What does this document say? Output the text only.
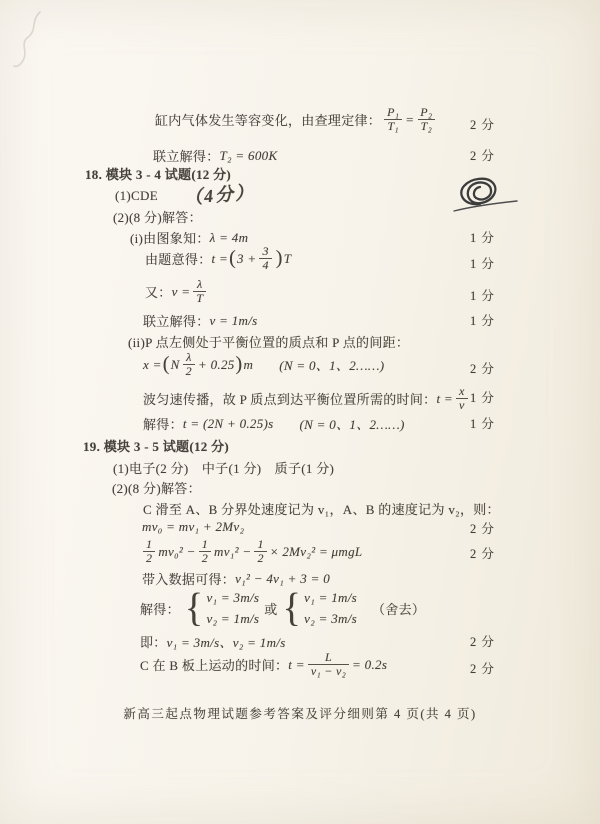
缸内气体发生等容变化，由查理定律： $\frac{\text{P₁}}{\text{T₁}} = \frac{\text{P₂}}{\text{T₂}}$	2 分
联立解得： T₂ = 600K	2 分
18. 模块 3 - 4 试题(12 分)
(1)CDE （4分）
(2)(8 分)解答：
(i)由图象知： λ = 4m	1 分
由题意得： t = ( $3 + \frac{3}{4}$ ) T	1 分
又： $v = \frac{\lambda}{T}$	1 分
联立解得： v = 1m/s	1 分
(ii)P 点左侧处于平衡位置的质点和 P 点的间距：
x = ( N $\frac{\lambda}{2} + 0.25$ ) m (N = 0、1、2……)	2 分
波匀速传播，故 P 质点到达平衡位置所需的时间： $t = \frac{x}{v} 1$ 分
解得： t = (2N + 0.25)s (N = 0、1、2……)	1 分
19. 模块 3 - 5 试题(12 分)
(1)电子(2 分)　中子(1 分)　质子(1 分)
(2)(8 分)解答：
C 滑至 A、B 分界处速度记为 v₁，A、B 的速度记为 v₂，则：
mv₀ = mv₁ + 2Mv₂	2 分
$\frac{1}{2} mv_0^2 - \frac{1}{2} mv_1^2 - \frac{1}{2} \times 2Mv_2^2 = \mu mgL$	2 分
带入数据可得： v₁² − 4v₁ + 3 = 0
解得： { v₁ = 3m/s
v₂ = 1m/s
或 { v₁ = 1m/s
v₂ = 3m/s
（舍去）
即： v₁ = 3m/s、v₂ = 1m/s	2 分
C 在 B 板上运动的时间： $t = \frac{L}{\text{v₁ − v₂}} = 0.2s$	2 分
新高三起点物理试题参考答案及评分细则第 4 页(共 4 页)
